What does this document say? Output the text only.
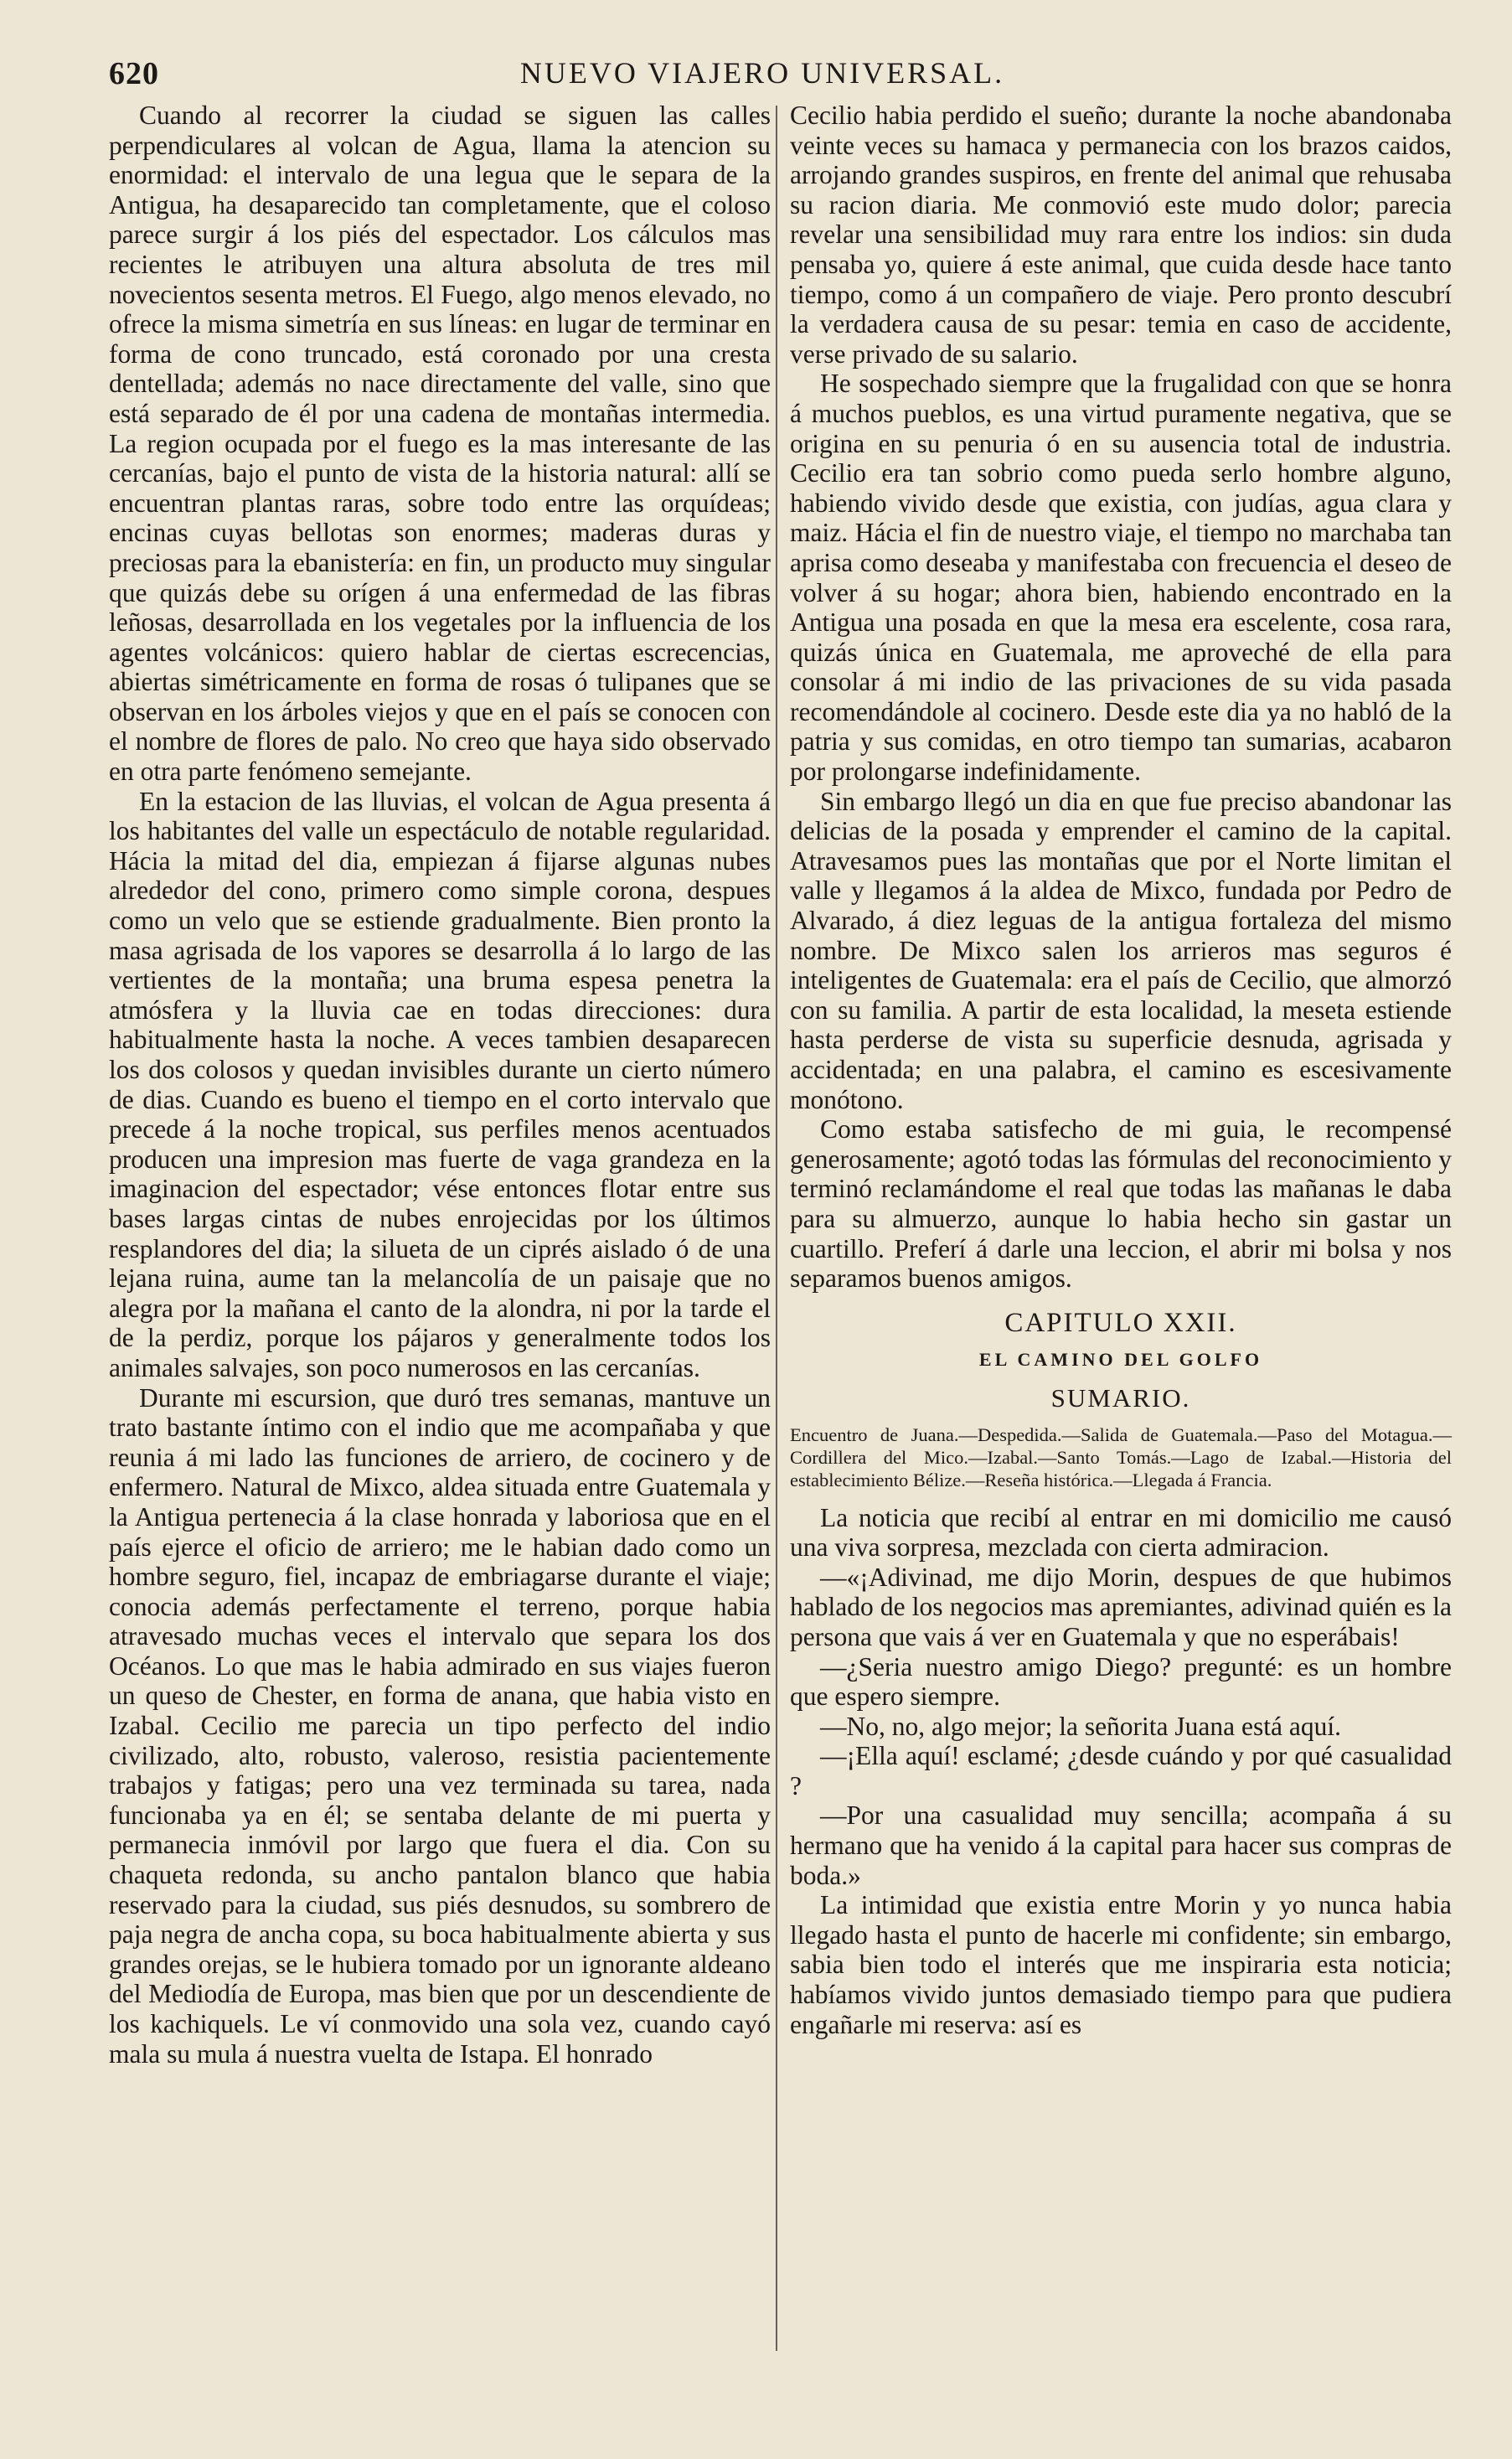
620	NUEVO VIAJERO UNIVERSAL.

Cuando al recorrer la ciudad se siguen las calles perpendiculares al volcan de Agua, llama la atencion su enormidad: el intervalo de una legua que le separa de la Antigua, ha desaparecido tan completamente, que el coloso parece surgir á los piés del espectador. Los cálculos mas recientes le atribuyen una altura absoluta de tres mil novecientos sesenta metros. El Fuego, algo menos elevado, no ofrece la misma simetría en sus líneas: en lugar de terminar en forma de cono truncado, está coronado por una cresta dentellada; además no nace directamente del valle, sino que está separado de él por una cadena de montañas intermedia. La region ocupada por el fuego es la mas interesante de las cercanías, bajo el punto de vista de la historia natural: allí se encuentran plantas raras, sobre todo entre las orquídeas; encinas cuyas bellotas son enormes; maderas duras y preciosas para la ebanistería: en fin, un producto muy singular que quizás debe su orígen á una enfermedad de las fibras leñosas, desarrollada en los vegetales por la influencia de los agentes volcánicos: quiero hablar de ciertas escrecencias, abiertas simétricamente en forma de rosas ó tulipanes que se observan en los árboles viejos y que en el país se conocen con el nombre de flores de palo. No creo que haya sido observado en otra parte fenómeno semejante.

En la estacion de las lluvias, el volcan de Agua presenta á los habitantes del valle un espectáculo de notable regularidad. Hácia la mitad del dia, empiezan á fijarse algunas nubes alrededor del cono, primero como simple corona, despues como un velo que se estiende gradualmente. Bien pronto la masa agrisada de los vapores se desarrolla á lo largo de las vertientes de la montaña; una bruma espesa penetra la atmósfera y la lluvia cae en todas direcciones: dura habitualmente hasta la noche. A veces tambien desaparecen los dos colosos y quedan invisibles durante un cierto número de dias. Cuando es bueno el tiempo en el corto intervalo que precede á la noche tropical, sus perfiles menos acentuados producen una impresion mas fuerte de vaga grandeza en la imaginacion del espectador; vése entonces flotar entre sus bases largas cintas de nubes enrojecidas por los últimos resplandores del dia; la silueta de un ciprés aislado ó de una lejana ruina, aume tan la melancolía de un paisaje que no alegra por la mañana el canto de la alondra, ni por la tarde el de la perdiz, porque los pájaros y generalmente todos los animales salvajes, son poco numerosos en las cercanías.

Durante mi escursion, que duró tres semanas, mantuve un trato bastante íntimo con el indio que me acompañaba y que reunia á mi lado las funciones de arriero, de cocinero y de enfermero. Natural de Mixco, aldea situada entre Guatemala y la Antigua pertenecia á la clase honrada y laboriosa que en el país ejerce el oficio de arriero; me le habian dado como un hombre seguro, fiel, incapaz de embriagarse durante el viaje; conocia además perfectamente el terreno, porque habia atravesado muchas veces el intervalo que separa los dos Océanos. Lo que mas le habia admirado en sus viajes fueron un queso de Chester, en forma de anana, que habia visto en Izabal. Cecilio me parecia un tipo perfecto del indio civilizado, alto, robusto, valeroso, resistia pacientemente trabajos y fatigas; pero una vez terminada su tarea, nada funcionaba ya en él; se sentaba delante de mi puerta y permanecia inmóvil por largo que fuera el dia. Con su chaqueta redonda, su ancho pantalon blanco que habia reservado para la ciudad, sus piés desnudos, su sombrero de paja negra de ancha copa, su boca habitualmente abierta y sus grandes orejas, se le hubiera tomado por un ignorante aldeano del Mediodía de Europa, mas bien que por un descendiente de los kachiquels. Le ví conmovido una sola vez, cuando cayó mala su mula á nuestra vuelta de Istapa. El honrado

Cecilio habia perdido el sueño; durante la noche abandonaba veinte veces su hamaca y permanecia con los brazos caidos, arrojando grandes suspiros, en frente del animal que rehusaba su racion diaria. Me conmovió este mudo dolor; parecia revelar una sensibilidad muy rara entre los indios: sin duda pensaba yo, quiere á este animal, que cuida desde hace tanto tiempo, como á un compañero de viaje. Pero pronto descubrí la verdadera causa de su pesar: temia en caso de accidente, verse privado de su salario.

He sospechado siempre que la frugalidad con que se honra á muchos pueblos, es una virtud puramente negativa, que se origina en su penuria ó en su ausencia total de industria. Cecilio era tan sobrio como pueda serlo hombre alguno, habiendo vivido desde que existia, con judías, agua clara y maiz. Hácia el fin de nuestro viaje, el tiempo no marchaba tan aprisa como deseaba y manifestaba con frecuencia el deseo de volver á su hogar; ahora bien, habiendo encontrado en la Antigua una posada en que la mesa era escelente, cosa rara, quizás única en Guatemala, me aproveché de ella para consolar á mi indio de las privaciones de su vida pasada recomendándole al cocinero. Desde este dia ya no habló de la patria y sus comidas, en otro tiempo tan sumarias, acabaron por prolongarse indefinidamente.

Sin embargo llegó un dia en que fue preciso abandonar las delicias de la posada y emprender el camino de la capital. Atravesamos pues las montañas que por el Norte limitan el valle y llegamos á la aldea de Mixco, fundada por Pedro de Alvarado, á diez leguas de la antigua fortaleza del mismo nombre. De Mixco salen los arrieros mas seguros é inteligentes de Guatemala: era el país de Cecilio, que almorzó con su familia. A partir de esta localidad, la meseta estiende hasta perderse de vista su superficie desnuda, agrisada y accidentada; en una palabra, el camino es escesivamente monótono.

Como estaba satisfecho de mi guia, le recompensé generosamente; agotó todas las fórmulas del reconocimiento y terminó reclamándome el real que todas las mañanas le daba para su almuerzo, aunque lo habia hecho sin gastar un cuartillo. Preferí á darle una leccion, el abrir mi bolsa y nos separamos buenos amigos.

CAPITULO XXII.
EL CAMINO DEL GOLFO
SUMARIO.

Encuentro de Juana.—Despedida.—Salida de Guatemala.—Paso del Motagua.—Cordillera del Mico.—Izabal.—Santo Tomás.—Lago de Izabal.—Historia del establecimiento Bélize.—Reseña histórica.—Llegada á Francia.

La noticia que recibí al entrar en mi domicilio me causó una viva sorpresa, mezclada con cierta admiracion.

—«¡Adivinad, me dijo Morin, despues de que hubimos hablado de los negocios mas apremiantes, adivinad quién es la persona que vais á ver en Guatemala y que no esperábais!

—¿Seria nuestro amigo Diego? pregunté: es un hombre que espero siempre.

—No, no, algo mejor; la señorita Juana está aquí.

—¡Ella aquí! esclamé; ¿desde cuándo y por qué casualidad ?

—Por una casualidad muy sencilla; acompaña á su hermano que ha venido á la capital para hacer sus compras de boda.»

La intimidad que existia entre Morin y yo nunca habia llegado hasta el punto de hacerle mi confidente; sin embargo, sabia bien todo el interés que me inspiraria esta noticia; habíamos vivido juntos demasiado tiempo para que pudiera engañarle mi reserva: así es
